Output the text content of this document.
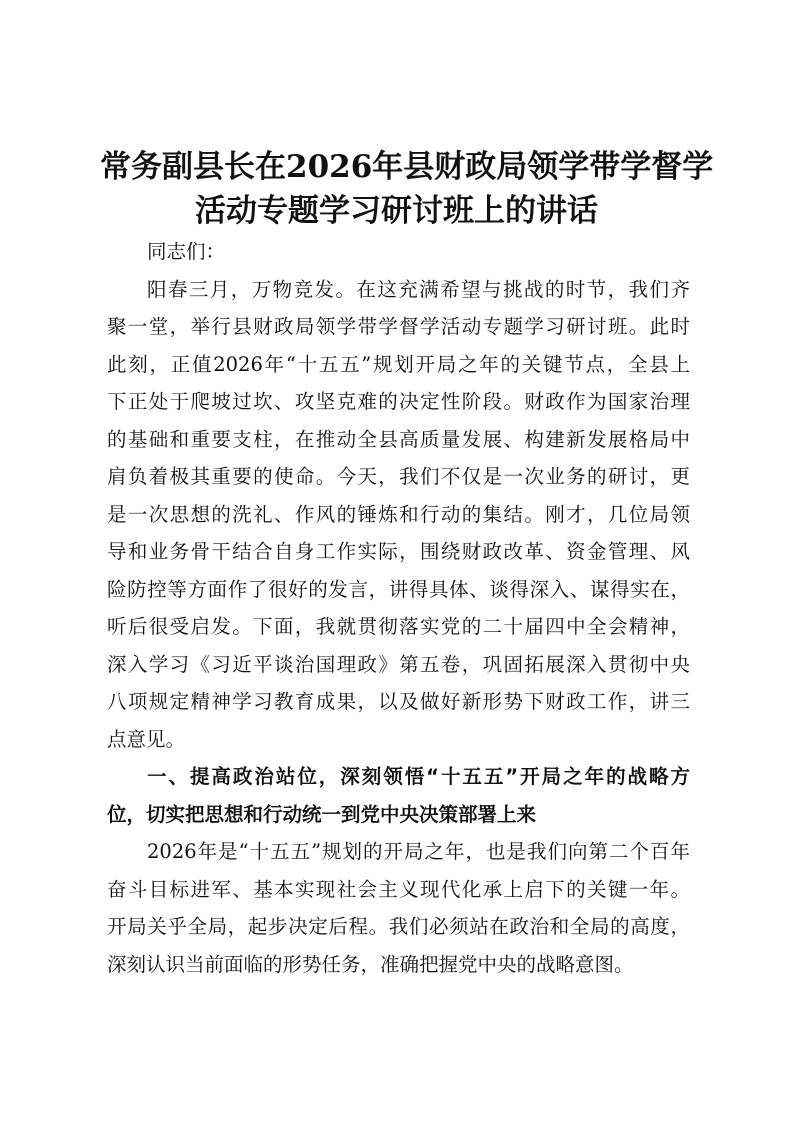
常务副县长在2026年县财政局领学带学督学
活动专题学习研讨班上的讲话
同志们：
阳春三月，万物竞发。在这充满希望与挑战的时节，我们齐
聚一堂，举行县财政局领学带学督学活动专题学习研讨班。此时
此刻，正值2026年“十五五”规划开局之年的关键节点，全县上
下正处于爬坡过坎、攻坚克难的决定性阶段。财政作为国家治理
的基础和重要支柱，在推动全县高质量发展、构建新发展格局中
肩负着极其重要的使命。今天，我们不仅是一次业务的研讨，更
是一次思想的洗礼、作风的锤炼和行动的集结。刚才，几位局领
导和业务骨干结合自身工作实际，围绕财政改革、资金管理、风
险防控等方面作了很好的发言，讲得具体、谈得深入、谋得实在，
听后很受启发。下面，我就贯彻落实党的二十届四中全会精神，
深入学习《习近平谈治国理政》第五卷，巩固拓展深入贯彻中央
八项规定精神学习教育成果，以及做好新形势下财政工作，讲三
点意见。
一、提高政治站位，深刻领悟“十五五”开局之年的战略方
位，切实把思想和行动统一到党中央决策部署上来
2026年是“十五五”规划的开局之年，也是我们向第二个百年
奋斗目标进军、基本实现社会主义现代化承上启下的关键一年。
开局关乎全局，起步决定后程。我们必须站在政治和全局的高度，
深刻认识当前面临的形势任务，准确把握党中央的战略意图。
